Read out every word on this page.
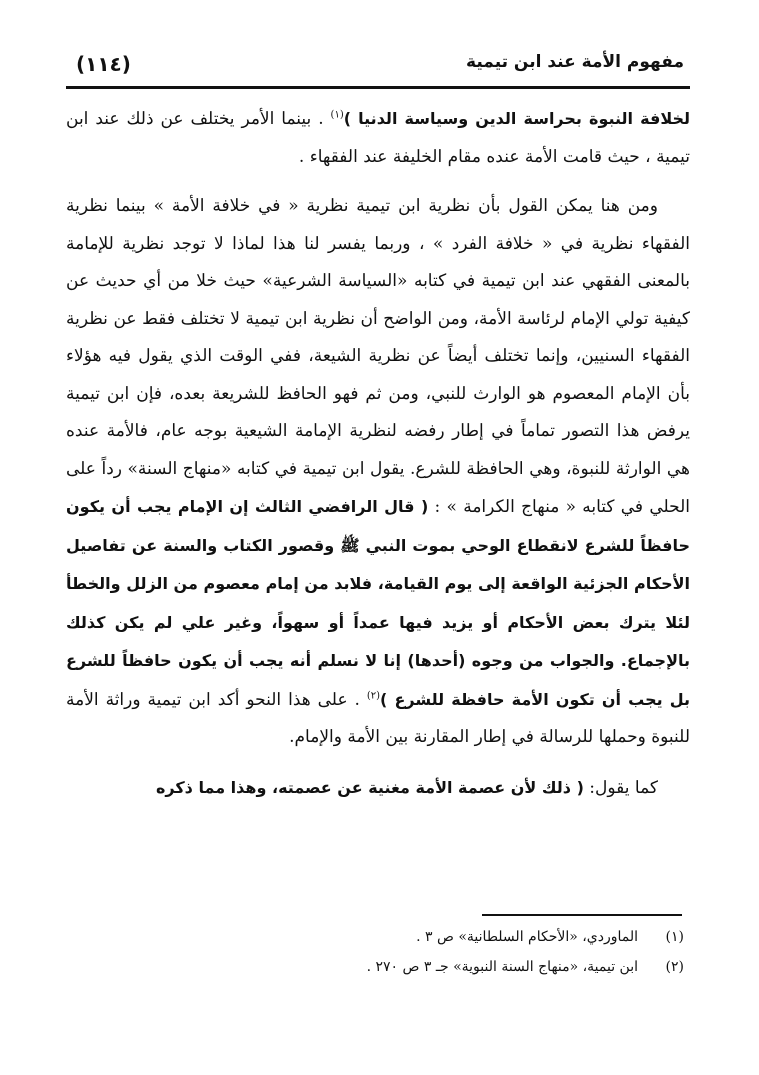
(١١٤)	مفهوم الأمة عند ابن تيمية

لخلافة النبوة بحراسة الدين وسياسة الدنيا )$^{(١)}$ . بينما الأمر يختلف عن ذلك عند ابن تيمية ، حيث قامت الأمة عنده مقام الخليفة عند الفقهاء .

ومن هنا يمكن القول بأن نظرية ابن تيمية نظرية « في خلافة الأمة » بينما نظرية الفقهاء نظرية في « خلافة الفرد » ، وربما يفسر لنا هذا لماذا لا توجد نظرية للإمامة بالمعنى الفقهي عند ابن تيمية في كتابه «السياسة الشرعية» حيث خلا من أي حديث عن كيفية تولي الإمام لرئاسة الأمة، ومن الواضح أن نظرية ابن تيمية لا تختلف فقط عن نظرية الفقهاء السنيين، وإنما تختلف أيضاً عن نظرية الشيعة، ففي الوقت الذي يقول فيه هؤلاء بأن الإمام المعصوم هو الوارث للنبي، ومن ثم فهو الحافظ للشريعة بعده، فإن ابن تيمية يرفض هذا التصور تماماً في إطار رفضه لنظرية الإمامة الشيعية بوجه عام، فالأمة عنده هي الوارثة للنبوة، وهي الحافظة للشرع. يقول ابن تيمية في كتابه «منهاج السنة» رداً على الحلي في كتابه « منهاج الكرامة » : ( قال الرافضي الثالث إن الإمام يجب أن يكون حافظاً للشرع لانقطاع الوحي بموت النبي ﷺ وقصور الكتاب والسنة عن تفاصيل الأحكام الجزئية الواقعة إلى يوم القيامة، فلابد من إمام معصوم من الزلل والخطأ لئلا يترك بعض الأحكام أو يزيد فيها عمداً أو سهواً، وغير علي لم يكن كذلك بالإجماع. والجواب من وجوه (أحدها) إنا لا نسلم أنه يجب أن يكون حافظاً للشرع بل يجب أن تكون الأمة حافظة للشرع )$^{(٢)}$ . على هذا النحو أكد ابن تيمية وراثة الأمة للنبوة وحملها للرسالة في إطار المقارنة بين الأمة والإمام.

كما يقول: ( ذلك لأن عصمة الأمة مغنية عن عصمته، وهذا مما ذكره

(١)
الماوردي، «الأحكام السلطانية» ص ٣ .
(٢)
ابن تيمية، «منهاج السنة النبوية» جـ ٣ ص ٢٧٠ .
